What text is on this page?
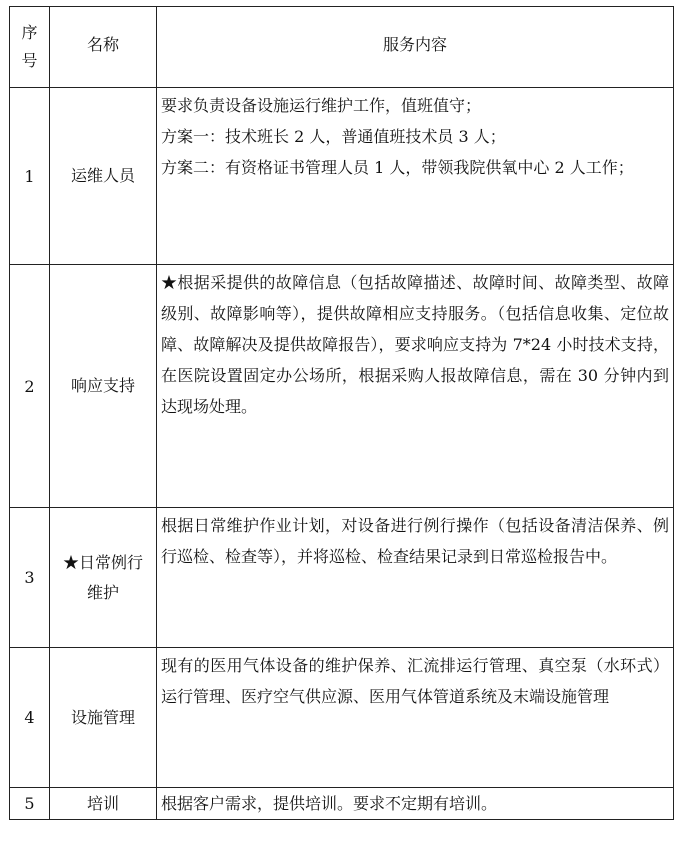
序
号	名称	服务内容
1	运维人员	要求负责设备设施运行维护工作，值班值守；
方案一：技术班长 2 人，普通值班技术员 3 人；
方案二：有资格证书管理人员 1 人，带领我院供氧中心 2 人工作；

2	响应支持	★根据采提供的故障信息（包括故障描述、故障时间、故障类型、故障级别、故障影响等），提供故障相应支持服务。（包括信息收集、定位故障、故障解决及提供故障报告），要求响应支持为 7*24 小时技术支持，在医院设置固定办公场所，根据采购人报故障信息，需在 30 分钟内到达现场处理。

3	★日常例行
维护	根据日常维护作业计划，对设备进行例行操作（包括设备清洁保养、例行巡检、检查等），并将巡检、检查结果记录到日常巡检报告中。

4	设施管理	现有的医用气体设备的维护保养、汇流排运行管理、真空泵（水环式）运行管理、医疗空气供应源、医用气体管道系统及末端设施管理

5	培训	根据客户需求，提供培训。要求不定期有培训。
